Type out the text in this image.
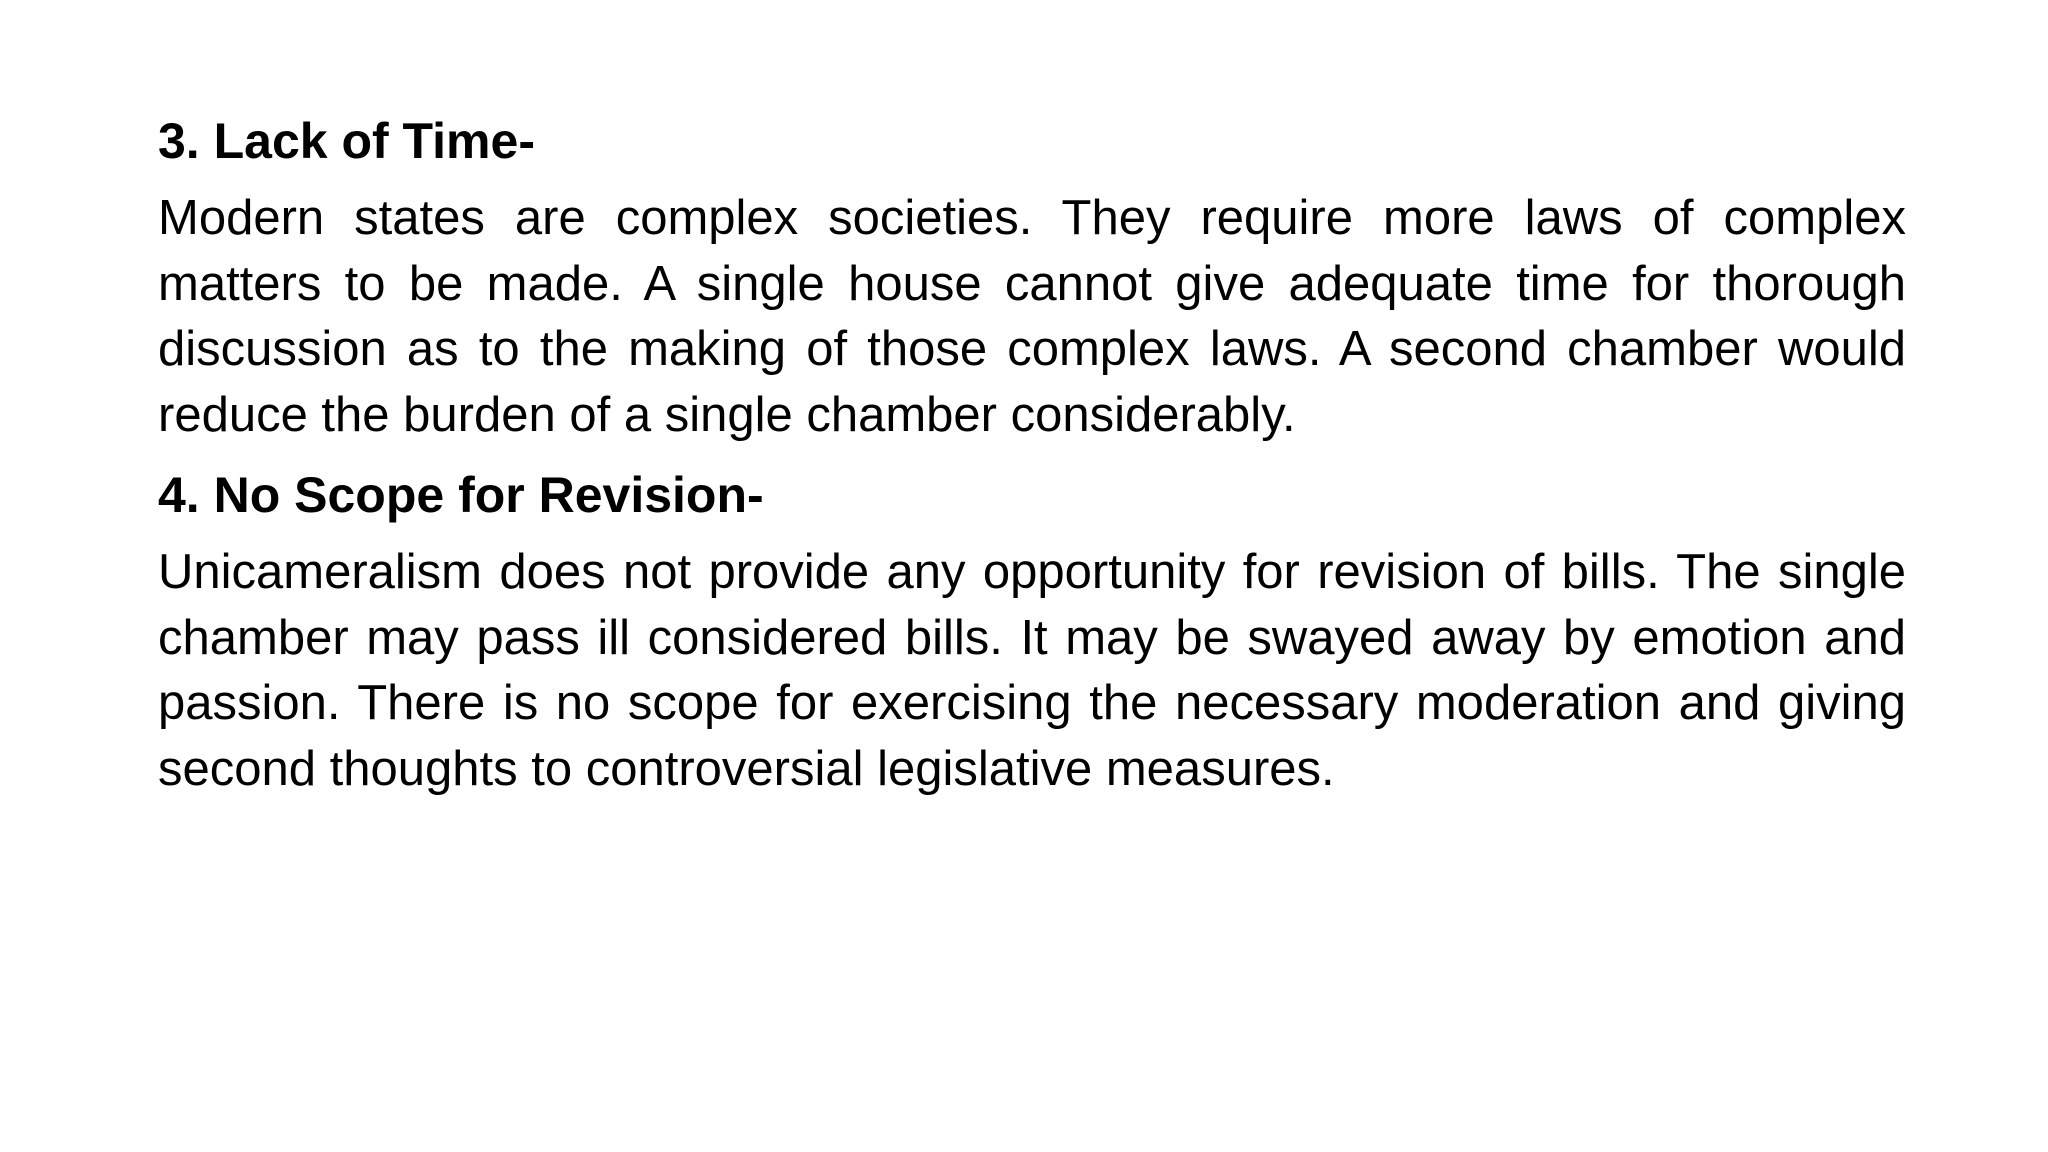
3. Lack of Time-
Modern states are complex societies. They require more laws of complex matters to be made. A single house cannot give adequate time for thorough discussion as to the making of those complex laws. A second chamber would reduce the burden of a single chamber considerably.
4. No Scope for Revision-
Unicameralism does not provide any opportunity for revision of bills. The single chamber may pass ill considered bills. It may be swayed away by emotion and passion. There is no scope for exercising the necessary moderation and giving second thoughts to controversial legislative measures.
